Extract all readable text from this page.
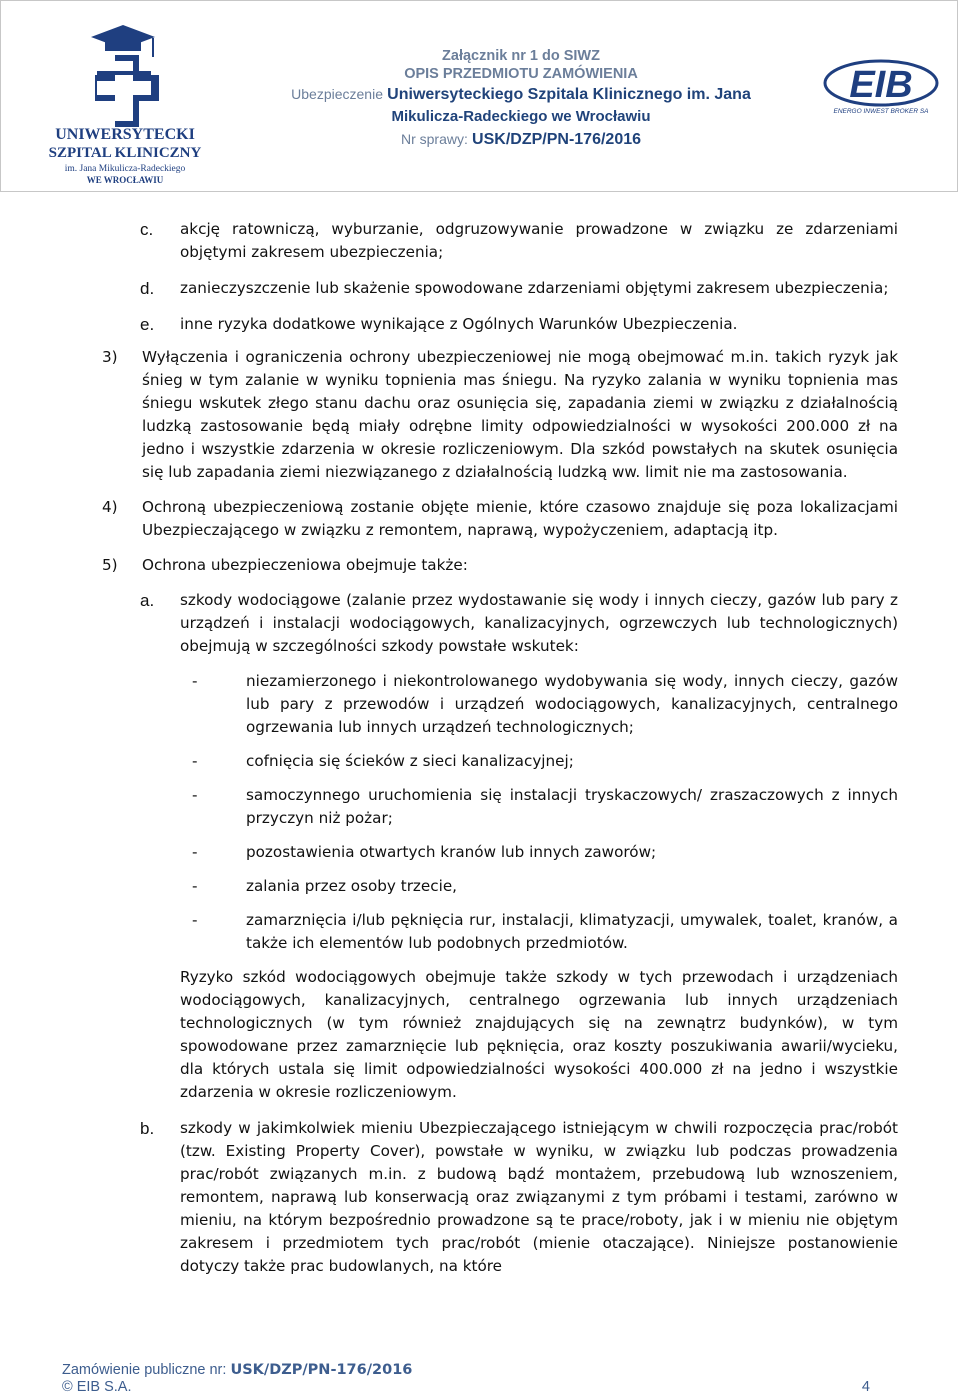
UNIWERSYTECKI
SZPITAL KLINICZNY
im. Jana Mikulicza-Radeckiego
WE WROCŁAWIU
Załącznik nr 1 do SIWZ
OPIS PRZEDMIOTU ZAMÓWIENIA
Ubezpieczenie Uniwersyteckiego Szpitala Klinicznego im. Jana
Mikulicza-Radeckiego we Wrocławiu
Nr sprawy: USK/DZP/PN-176/2016
EIB
ENERGO INWEST BROKER SA
c. akcję ratowniczą, wyburzanie, odgruzowywanie prowadzone w związku ze zdarzeniami objętymi zakresem ubezpieczenia;

d. zanieczyszczenie lub skażenie spowodowane zdarzeniami objętymi zakresem ubezpieczenia;

e. inne ryzyka dodatkowe wynikające z Ogólnych Warunków Ubezpieczenia.

3) Wyłączenia i ograniczenia ochrony ubezpieczeniowej nie mogą obejmować m.in. takich ryzyk jak śnieg w tym zalanie w wyniku topnienia mas śniegu. Na ryzyko zalania w wyniku topnienia mas śniegu wskutek złego stanu dachu oraz osunięcia się, zapadania ziemi w związku z działalnością ludzką zastosowanie będą miały odrębne limity odpowiedzialności w wysokości 200.000 zł na jedno i wszystkie zdarzenia w okresie rozliczeniowym. Dla szkód powstałych na skutek osunięcia się lub zapadania ziemi niezwiązanego z działalnością ludzką ww. limit nie ma zastosowania.

4) Ochroną ubezpieczeniową zostanie objęte mienie, które czasowo znajduje się poza lokalizacjami Ubezpieczającego w związku z remontem, naprawą, wypożyczeniem, adaptacją itp.

5) Ochrona ubezpieczeniowa obejmuje także:

a. szkody wodociągowe (zalanie przez wydostawanie się wody i innych cieczy, gazów lub pary z urządzeń i instalacji wodociągowych, kanalizacyjnych, ogrzewczych lub technologicznych) obejmują w szczególności szkody powstałe wskutek:

-	niezamierzonego i niekontrolowanego wydobywania się wody, innych cieczy, gazów lub pary z przewodów i urządzeń wodociągowych, kanalizacyjnych, centralnego ogrzewania lub innych urządzeń technologicznych;

-	cofnięcia się ścieków z sieci kanalizacyjnej;

-	samoczynnego uruchomienia się instalacji tryskaczowych/ zraszaczowych z innych przyczyn niż pożar;

-	pozostawienia otwartych kranów lub innych zaworów;

-	zalania przez osoby trzecie,

-	zamarznięcia i/lub pęknięcia rur, instalacji, klimatyzacji, umywalek, toalet, kranów, a także ich elementów lub podobnych przedmiotów.

Ryzyko szkód wodociągowych obejmuje także szkody w tych przewodach i urządzeniach wodociągowych, kanalizacyjnych, centralnego ogrzewania lub innych urządzeniach technologicznych (w tym również znajdujących się na zewnątrz budynków), w tym spowodowane przez zamarznięcie lub pęknięcia, oraz koszty poszukiwania awarii/wycieku, dla których ustala się limit odpowiedzialności wysokości 400.000 zł na jedno i wszystkie zdarzenia w okresie rozliczeniowym.

b. szkody w jakimkolwiek mieniu Ubezpieczającego istniejącym w chwili rozpoczęcia prac/robót (tzw. Existing Property Cover), powstałe w wyniku, w związku lub podczas prowadzenia prac/robót związanych m.in. z budową bądź montażem, przebudową lub wznoszeniem, remontem, naprawą lub konserwacją oraz związanymi z tym próbami i testami, zarówno w mieniu, na którym bezpośrednio prowadzone są te prace/roboty, jak i w mieniu nie objętym zakresem i przedmiotem tych prac/robót (mienie otaczające). Niniejsze postanowienie dotyczy także prac budowlanych, na które

Zamówienie publiczne nr: USK/DZP/PN-176/2016
© EIB S.A.	4
